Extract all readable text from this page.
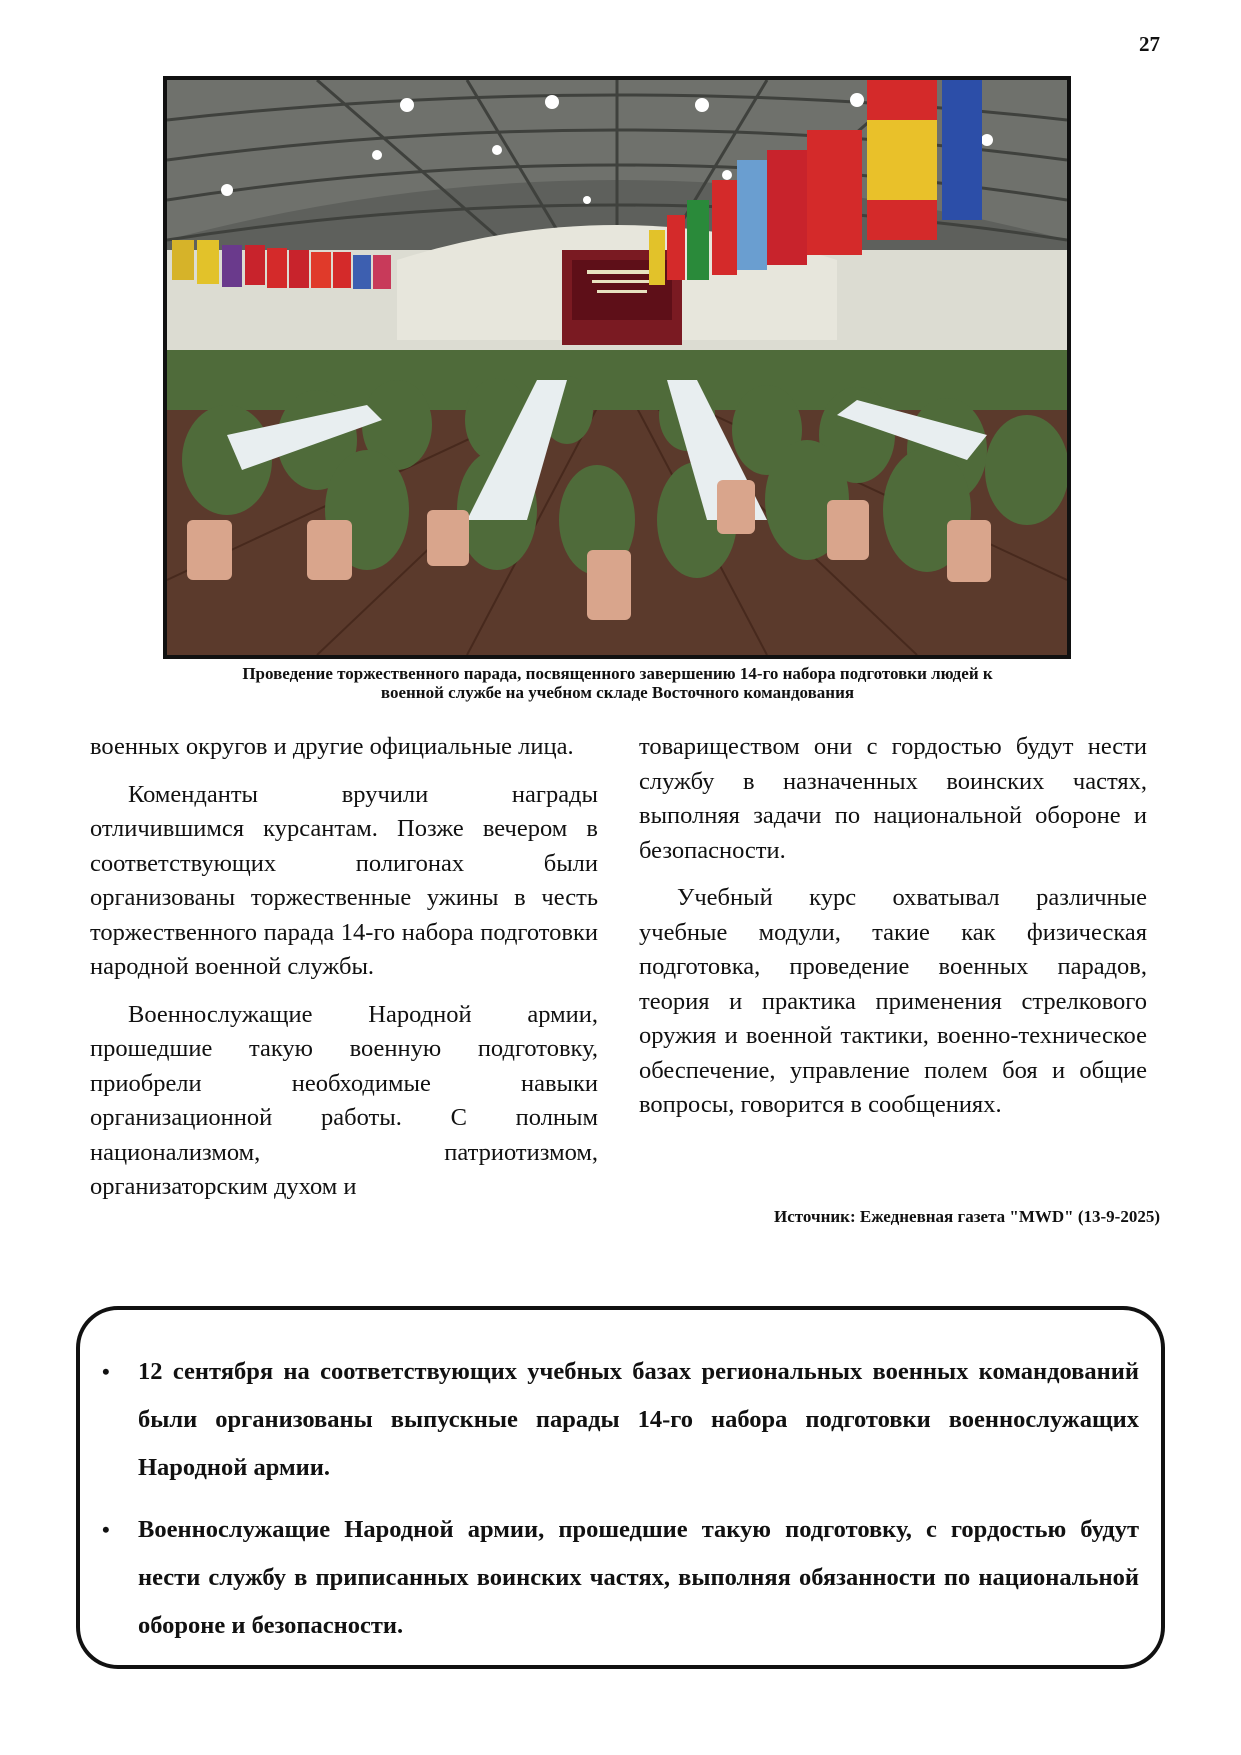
27
Проведение торжественного парада, посвященного завершению 14-го набора подготовки людей к
военной службе на учебном складе Восточного командования

военных округов и другие официальные лица.

Коменданты вручили награды отличившимся курсантам. Позже вечером в соответствующих полигонах были организованы торжественные ужины в честь торжественного парада 14-го набора подготовки народной военной службы.

Военнослужащие Народной армии, прошедшие такую военную подготовку, приобрели необходимые навыки организационной работы. С полным национализмом, патриотизмом, организаторским духом и

товариществом они с гордостью будут нести службу в назначенных воинских частях, выполняя задачи по национальной обороне и безопасности.

Учебный курс охватывал различные учебные модули, такие как физическая подготовка, проведение военных парадов, теория и практика применения стрелкового оружия и военной тактики, военно-техническое обеспечение, управление полем боя и общие вопросы, говорится в сообщениях.

Источник: Ежедневная газета "MWD" (13-9-2025)
• 12 сентября на соответствующих учебных базах региональных военных командований были организованы выпускные парады 14-го набора подготовки военнослужащих Народной армии.
• Военнослужащие Народной армии, прошедшие такую подготовку, с гордостью будут нести службу в приписанных воинских частях, выполняя обязанности по национальной обороне и безопасности.
